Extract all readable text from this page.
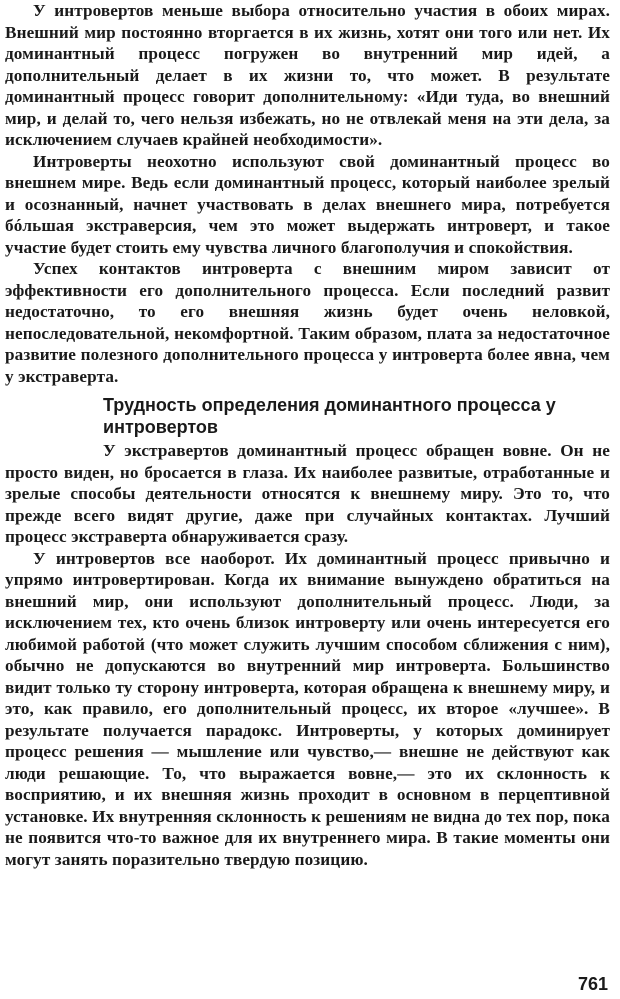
У интровертов меньше выбора относительно участия в обоих мирах. Внешний мир постоянно вторгается в их жизнь, хотят они того или нет. Их доминантный процесс погружен во внутренний мир идей, а дополнительный делает в их жизни то, что может. В результате доминантный процесс говорит дополнительному: «Иди туда, во внешний мир, и делай то, чего нельзя избежать, но не отвлекай меня на эти дела, за исключением случаев крайней необходимости».

Интроверты неохотно используют свой доминантный процесс во внешнем мире. Ведь если доминантный процесс, который наиболее зрелый и осознанный, начнет участвовать в делах внешнего мира, потребуется бóльшая экстраверсия, чем это может выдержать интроверт, и такое участие будет стоить ему чувства личного благополучия и спокойствия.

Успех контактов интроверта с внешним миром зависит от эффективности его дополнительного процесса. Если последний развит недостаточно, то его внешняя жизнь будет очень неловкой, непоследовательной, некомфортной. Таким образом, плата за недостаточное развитие полезного дополнительного процесса у интроверта более явна, чем у экстраверта.

Трудность определения доминантного процесса у интровертов

У экстравертов доминантный процесс обращен вовне. Он не просто виден, но бросается в глаза. Их наиболее развитые, отработанные и зрелые способы деятельности относятся к внешнему миру. Это то, что прежде всего видят другие, даже при случайных контактах. Лучший процесс экстраверта обнаруживается сразу.

У интровертов все наоборот. Их доминантный процесс привычно и упрямо интровертирован. Когда их внимание вынуждено обратиться на внешний мир, они используют дополнительный процесс. Люди, за исключением тех, кто очень близок интроверту или очень интересуется его любимой работой (что может служить лучшим способом сближения с ним), обычно не допускаются во внутренний мир интроверта. Большинство видит только ту сторону интроверта, которая обращена к внешнему миру, и это, как правило, его дополнительный процесс, их второе «лучшее». В результате получается парадокс. Интроверты, у которых доминирует процесс решения — мышление или чувство,— внешне не действуют как люди решающие. То, что выражается вовне,— это их склонность к восприятию, и их внешняя жизнь проходит в основном в перцептивной установке. Их внутренняя склонность к решениям не видна до тех пор, пока не появится что-то важное для их внутреннего мира. В такие моменты они могут занять поразительно твердую позицию.

761
